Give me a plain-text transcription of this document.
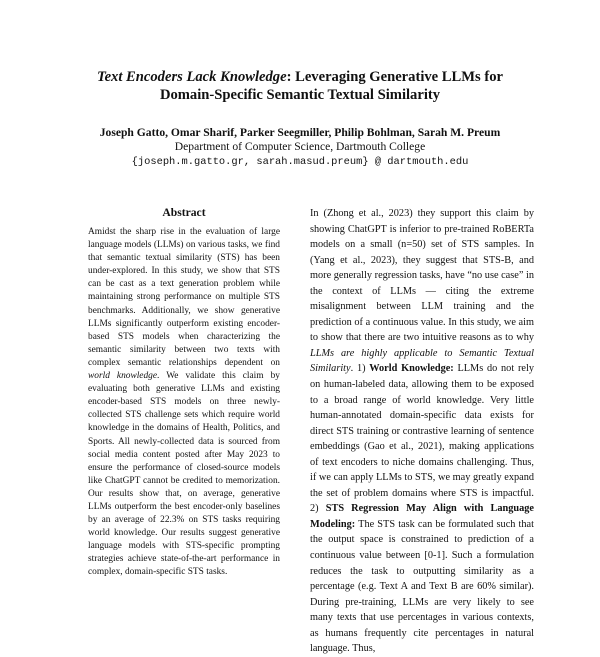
Text Encoders Lack Knowledge: Leveraging Generative LLMs for
Domain-Specific Semantic Textual Similarity
Joseph Gatto, Omar Sharif, Parker Seegmiller, Philip Bohlman, Sarah M. Preum
Department of Computer Science, Dartmouth College
{joseph.m.gatto.gr, sarah.masud.preum} @ dartmouth.edu
Abstract
Amidst the sharp rise in the evaluation of large language models (LLMs) on various tasks, we find that semantic textual similarity (STS) has been under-explored. In this study, we show that STS can be cast as a text generation problem while maintaining strong performance on multiple STS benchmarks. Additionally, we show generative LLMs significantly outperform existing encoder-based STS models when characterizing the semantic similarity between two texts with complex semantic relationships dependent on world knowledge. We validate this claim by evaluating both generative LLMs and existing encoder-based STS models on three newly-collected STS challenge sets which require world knowledge in the domains of Health, Politics, and Sports. All newly-collected data is sourced from social media content posted after May 2023 to ensure the performance of closed-source models like ChatGPT cannot be credited to memorization. Our results show that, on average, generative LLMs outperform the best encoder-only baselines by an average of 22.3% on STS tasks requiring world knowledge. Our results suggest generative language models with STS-specific prompting strategies achieve state-of-the-art performance in complex, domain-specific STS tasks.
In (Zhong et al., 2023) they support this claim by showing ChatGPT is inferior to pre-trained RoBERTa models on a small (n=50) set of STS samples. In (Yang et al., 2023), they suggest that STS-B, and more generally regression tasks, have “no use case” in the context of LLMs — citing the extreme misalignment between LLM training and the prediction of a continuous value. In this study, we aim to show that there are two intuitive reasons as to why LLMs are highly applicable to Semantic Textual Similarity. 1) World Knowledge: LLMs do not rely on human-labeled data, allowing them to be exposed to a broad range of world knowledge. Very little human-annotated domain-specific data exists for direct STS training or contrastive learning of sentence embeddings (Gao et al., 2021), making applications of text encoders to niche domains challenging. Thus, if we can apply LLMs to STS, we may greatly expand the set of problem domains where STS is impactful. 2) STS Regression May Align with Language Modeling: The STS task can be formulated such that the output space is constrained to prediction of a continuous value between [0-1]. Such a formulation reduces the task to outputting similarity as a percentage (e.g. Text A and Text B are 60% similar). During pre-training, LLMs are very likely to see many texts that use percentages in various contexts, as humans frequently cite percentages in natural language. Thus,
